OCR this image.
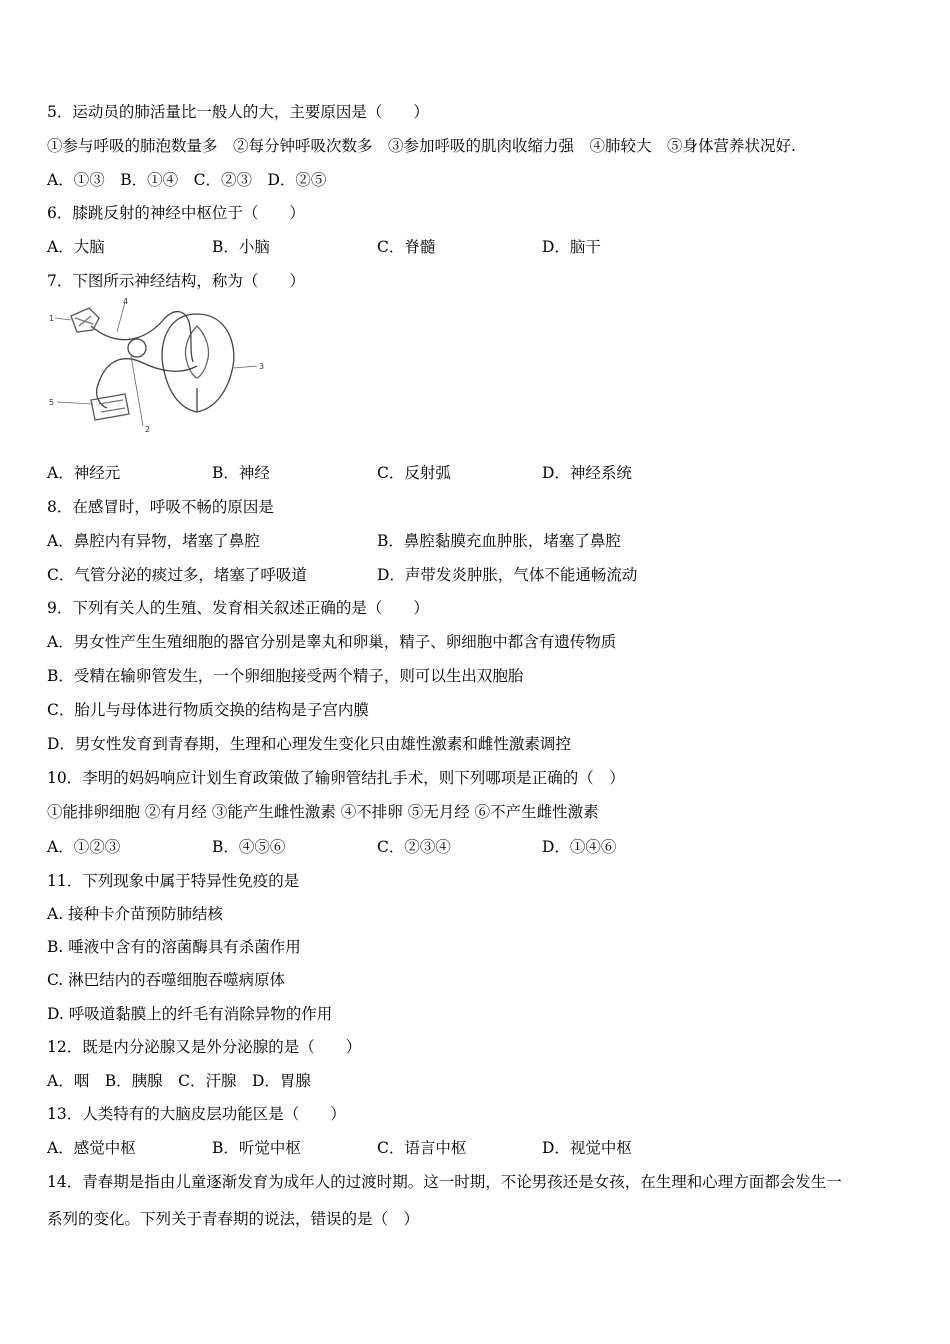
5．运动员的肺活量比一般人的大，主要原因是（　　）
①参与呼吸的肺泡数量多　②每分钟呼吸次数多　③参加呼吸的肌肉收缩力强　④肺较大　⑤身体营养状况好.
A．①③　B．①④　C．②③　D．②⑤
6．膝跳反射的神经中枢位于（　　）
A．大脑	B．小脑	C．脊髓	D．脑干
7．下图所示神经结构，称为（　　）
1
2
3
4
5
A．神经元	B．神经	C．反射弧	D．神经系统
8．在感冒时，呼吸不畅的原因是
A．鼻腔内有异物，堵塞了鼻腔	B．鼻腔黏膜充血肿胀，堵塞了鼻腔
C．气管分泌的痰过多，堵塞了呼吸道	D．声带发炎肿胀，气体不能通畅流动
9．下列有关人的生殖、发育相关叙述正确的是（　　）
A．男女性产生生殖细胞的器官分别是睾丸和卵巢，精子、卵细胞中都含有遗传物质
B．受精在输卵管发生，一个卵细胞接受两个精子，则可以生出双胞胎
C．胎儿与母体进行物质交换的结构是子宫内膜
D．男女性发育到青春期，生理和心理发生变化只由雄性激素和雌性激素调控
10．李明的妈妈响应计划生育政策做了输卵管结扎手术，则下列哪项是正确的（　）
①能排卵细胞 ②有月经 ③能产生雌性激素 ④不排卵 ⑤无月经 ⑥不产生雌性激素
A．①②③	B．④⑤⑥	C．②③④	D．①④⑥
11．下列现象中属于特异性免疫的是
A. 接种卡介苗预防肺结核
B. 唾液中含有的溶菌酶具有杀菌作用
C. 淋巴结内的吞噬细胞吞噬病原体
D. 呼吸道黏膜上的纤毛有消除异物的作用
12．既是内分泌腺又是外分泌腺的是（　　）
A．咽　B．胰腺　C．汗腺　D．胃腺
13．人类特有的大脑皮层功能区是（　　）
A．感觉中枢	B．听觉中枢	C．语言中枢	D．视觉中枢
14．青春期是指由儿童逐渐发育为成年人的过渡时期。这一时期，不论男孩还是女孩，在生理和心理方面都会发生一
系列的变化。下列关于青春期的说法，错误的是（　）
